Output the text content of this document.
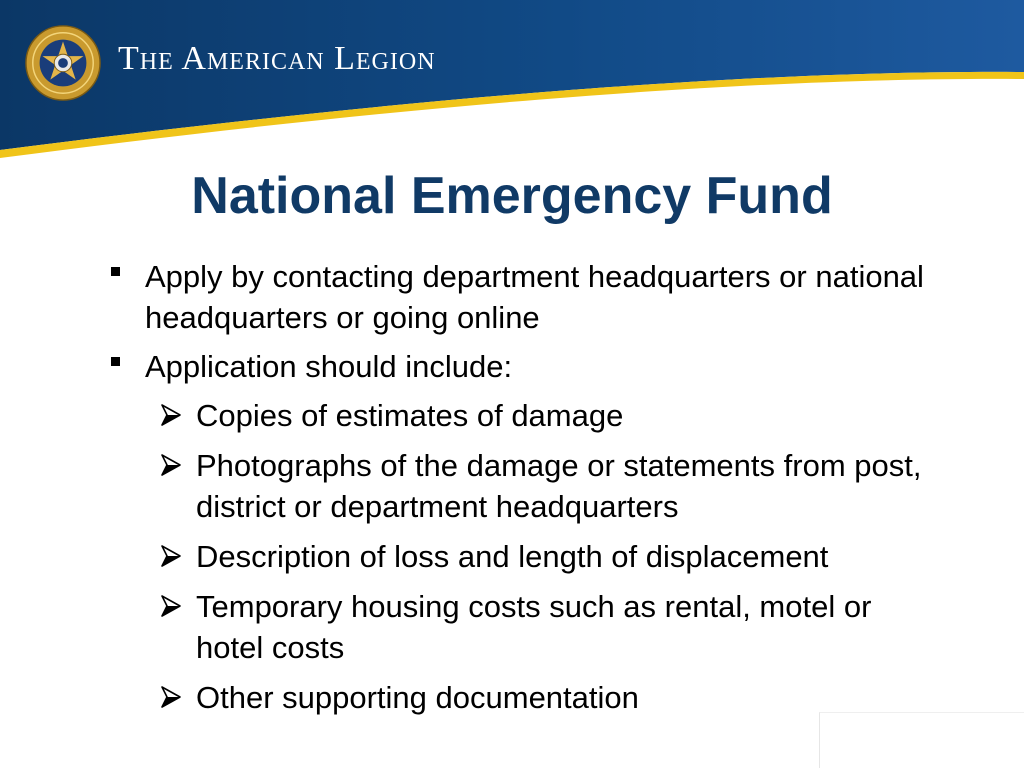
The American Legion
National Emergency Fund
Apply by contacting department headquarters or national headquarters or going online
Application should include:
Copies of estimates of damage
Photographs of the damage or statements from post, district or department headquarters
Description of loss and length of displacement
Temporary housing costs such as rental, motel or hotel costs
Other supporting documentation
